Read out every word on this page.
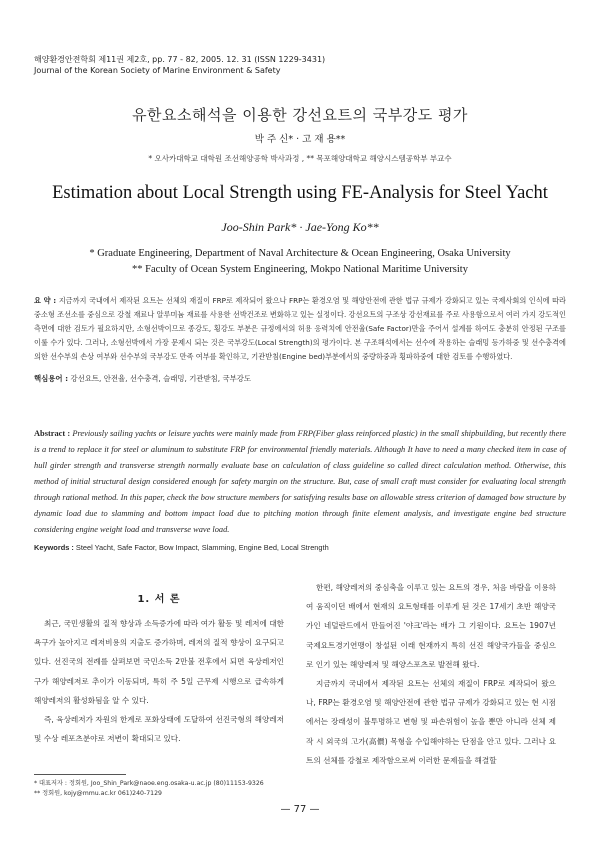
해양환경안전학회 제11권 제2호, pp. 77 - 82, 2005. 12. 31 (ISSN 1229-3431)
Journal of the Korean Society of Marine Environment & Safety
유한요소해석을 이용한 강선요트의 국부강도 평가
박 주 신* · 고 재 용**
* 오사카대학교 대학원 조선해양공학 박사과정 , ** 목포해양대학교 해양시스템공학부 부교수
Estimation about Local Strength using FE-Analysis for Steel Yacht
Joo-Shin Park* · Jae-Yong Ko**
* Graduate Engineering, Department of Naval Architecture & Ocean Engineering, Osaka University
** Faculty of Ocean System Engineering, Mokpo National Maritime University
요 약 : 지금까지 국내에서 제작된 요트는 선체의 재질이 FRP로 제작되어 왔으나 FRP는 환경오염 및 해양안전에 관한 법규 규제가 강화되고 있는 국제사회의 인식에 따라 중소형 조선소를 중심으로 강철 재료나 알루미늄 재료를 사용한 선박건조로 변화하고 있는 실정이다. 강선요트의 구조상 강선재료를 주로 사용함으로서 여러 가지 강도적인 측면에 대한 검토가 필요하지만, 소형선박이므로 종강도, 횡강도 부분은 규정에서의 허용 응력치에 안전율(Safe Factor)만을 주어서 설계를 하여도 충분히 안정된 구조를 이룰 수가 있다. 그러나, 소형선박에서 가장 문제시 되는 것은 국부강도(Local Strength)의 평가이다. 본 구조해석에서는 선수에 작용하는 슬래밍 등가하중 및 선수충격에 의한 선수부의 손상 여부와 선수부의 국부강도 만족 여부를 확인하고, 기관받침(Engine bed)부분에서의 중량하중과 횡파하중에 대한 검토를 수행하였다.
핵심용어 : 강선요트, 안전율, 선수충격, 슬래밍, 기관받침, 국부강도
Abstract : Previously sailing yachts or leisure yachts were mainly made from FRP(Fiber glass reinforced plastic) in the small shipbuilding, but recently there is a trend to replace it for steel or aluminum to substitute FRP for environmental friendly materials. Although It have to need a many checked item in case of hull girder strength and transverse strength normally evaluate base on calculation of class guideline so called direct calculation method. Otherwise, this method of initial structural design considered enough for safety margin on the structure. But, case of small craft must consider for evaluating local strength through rational method. In this paper, check the bow structure members for satisfying results base on allowable stress criterion of damaged bow structure by dynamic load due to slamming and bottom impact load due to pitching motion through finite element analysis, and investigate engine bed structure considering engine weight load and transverse wave load.
Keywords : Steel Yacht, Safe Factor, Bow Impact, Slamming, Engine Bed, Local Strength
1. 서 론

최근, 국민생활의 질적 향상과 소득증가에 따라 여가 활동 및 레저에 대한 욕구가 높아지고 레저비용의 지출도 증가하며, 레저의 질적 향상이 요구되고 있다. 선진국의 전례를 살펴보면 국민소득 2만불 전후에서 되면 육상레저인구가 해양레저로 추이가 이동되며, 특히 주 5일 근무제 시행으로 급속하게 해양레저의 활성화됨을 알 수 있다.

즉, 육상레저가 자원의 한계로 포화상태에 도달하여 선진국형의 해양레저 및 수상 레포츠분야로 저변이 확대되고 있다.

한편, 해양레저의 중심축을 이루고 있는 요트의 경우, 처음 바람을 이용하여 움직이던 배에서 현재의 요트형태를 이루게 된 것은 17세기 초반 해양국가인 네덜란드에서 만들어진 '야크'라는 배가 그 기원이다. 요트는 1907년 국제요트경기연맹이 창설된 이래 현재까지 특히 선진 해양국가들을 중심으로 인기 있는 해양레저 및 해양스포츠로 발전해 왔다.

지금까지 국내에서 제작된 요트는 선체의 재질이 FRP로 제작되어 왔으나, FRP는 환경오염 및 해양안전에 관한 법규 규제가 강화되고 있는 현 시점에서는 장래성이 불투명하고 변형 및 파손위험이 높을 뿐만 아니라 선체 제작 시 외국의 고가(高價) 목형을 수입해야하는 단점을 안고 있다. 그러나 요트의 선체를 강철로 제작함으로써 이러한 문제들을 해결할

* 대표저자 : 정회원, Joo_Shin_Park@naoe.eng.osaka-u.ac.jp (80)11153-9326
** 정회원, kojy@mmu.ac.kr 061)240-7129
— 77 —
